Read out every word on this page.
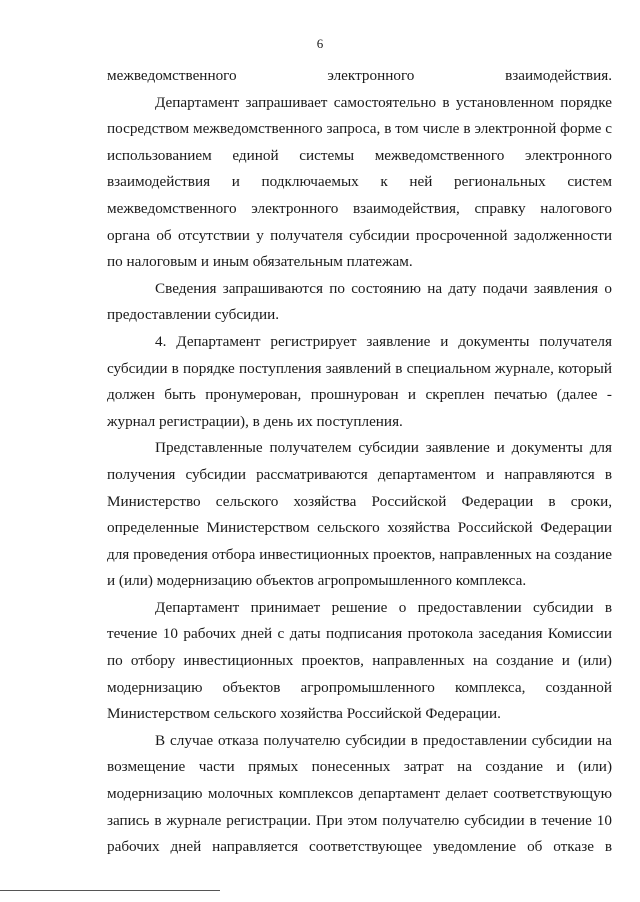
6

межведомственного электронного взаимодействия.

Департамент запрашивает самостоятельно в установленном порядке

посредством межведомственного запроса, в том числе в электронной форме с

использованием единой системы межведомственного электронного

взаимодействия и подключаемых к ней региональных систем

межведомственного электронного взаимодействия, справку налогового

органа об отсутствии у получателя субсидии просроченной задолженности

по налоговым и иным обязательным платежам.

Сведения запрашиваются по состоянию на дату подачи заявления о

предоставлении субсидии.

4. Департамент регистрирует заявление и документы получателя

субсидии в порядке поступления заявлений в специальном журнале, который

должен быть пронумерован, прошнурован и скреплен печатью (далее -

журнал регистрации), в день их поступления.

Представленные получателем субсидии заявление и документы для

получения субсидии рассматриваются департаментом и направляются в

Министерство сельского хозяйства Российской Федерации в сроки,

определенные Министерством сельского хозяйства Российской Федерации

для проведения отбора инвестиционных проектов, направленных на создание

и (или) модернизацию объектов агропромышленного комплекса.

Департамент принимает решение о предоставлении субсидии в

течение 10 рабочих дней с даты подписания протокола заседания Комиссии

по отбору инвестиционных проектов, направленных на создание и (или)

модернизацию объектов агропромышленного комплекса, созданной

Министерством сельского хозяйства Российской Федерации.

В случае отказа получателю субсидии в предоставлении субсидии на

возмещение части прямых понесенных затрат на создание и (или)

модернизацию молочных комплексов департамент делает соответствующую

запись в журнале регистрации. При этом получателю субсидии в течение 10

рабочих дней направляется соответствующее уведомление об отказе в
